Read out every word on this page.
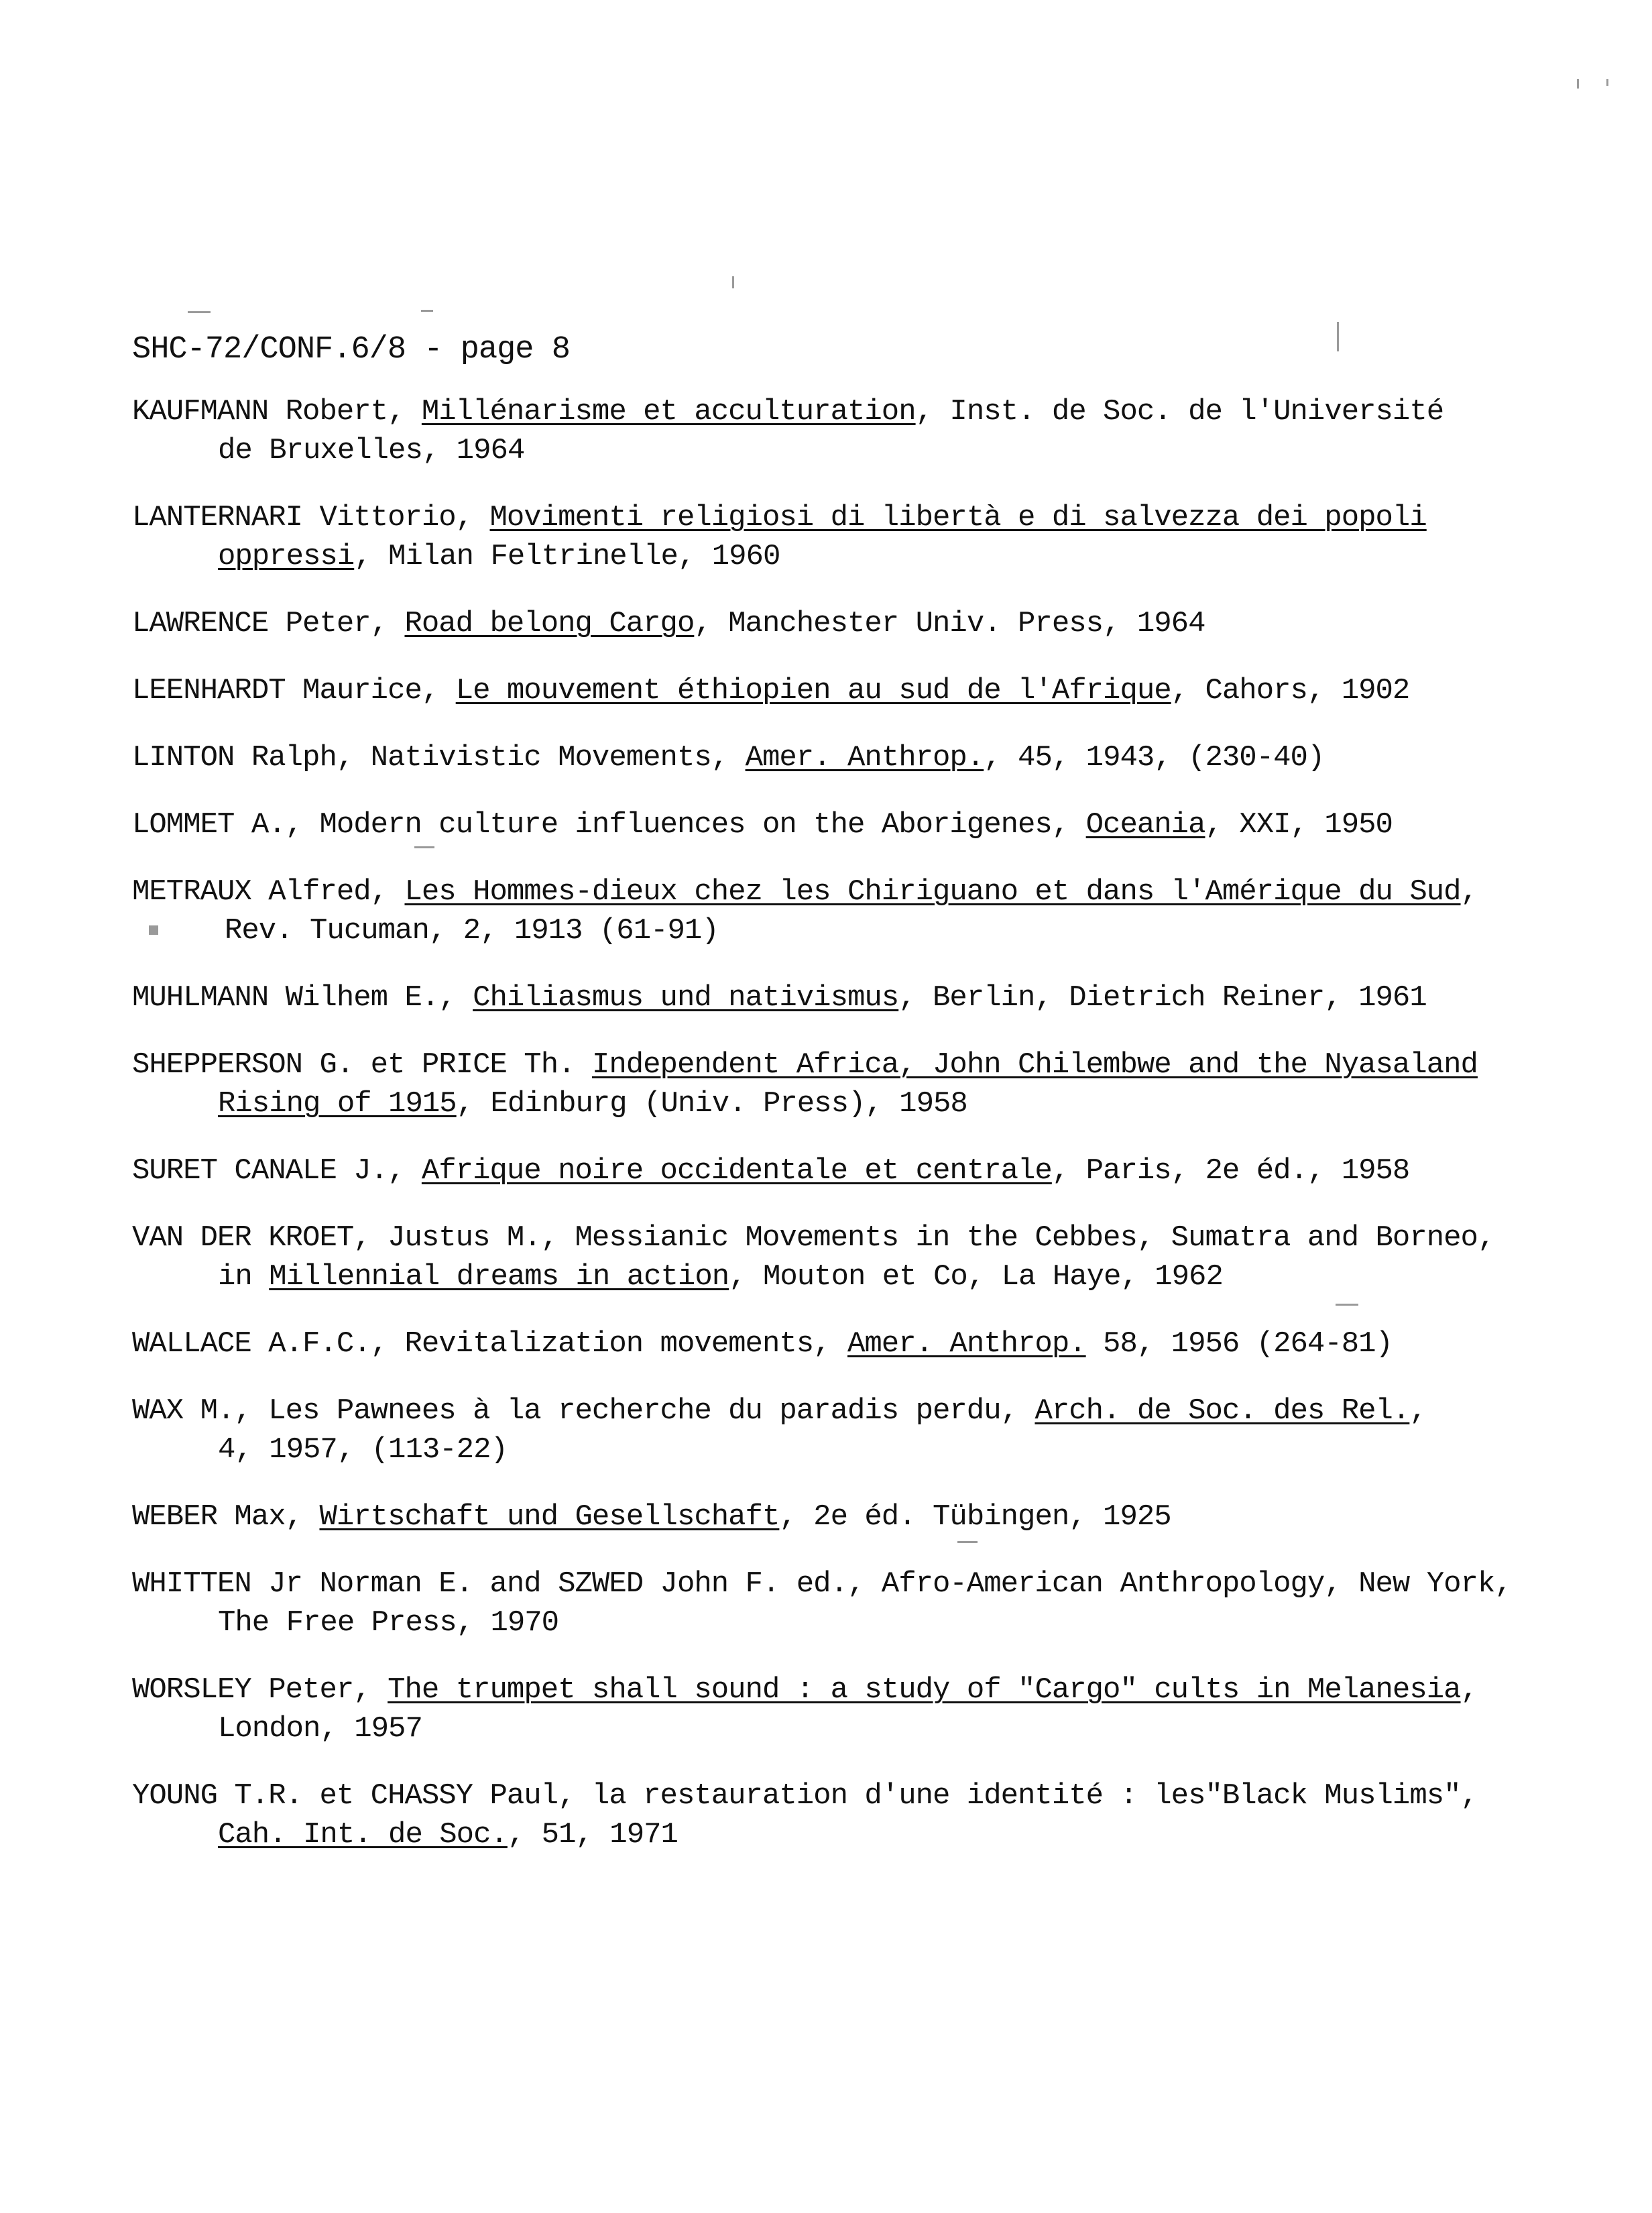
SHC-72/CONF.6/8 - page 8
KAUFMANN Robert, Millénarisme et acculturation, Inst. de Soc. de l'Université
de Bruxelles, 1964
LANTERNARI Vittorio, Movimenti religiosi di libertà e di salvezza dei popoli
oppressi, Milan Feltrinelle, 1960
LAWRENCE Peter, Road belong Cargo, Manchester Univ. Press, 1964
LEENHARDT Maurice, Le mouvement éthiopien au sud de l'Afrique, Cahors, 1902
LINTON Ralph, Nativistic Movements, Amer. Anthrop., 45, 1943, (230-40)
LOMMET A., Modern culture influences on the Aborigenes, Oceania, XXI, 1950
METRAUX Alfred, Les Hommes-dieux chez les Chiriguano et dans l'Amérique du Sud,
Rev. Tucuman, 2, 1913 (61-91)
MUHLMANN Wilhem E., Chiliasmus und nativismus, Berlin, Dietrich Reiner, 1961
SHEPPERSON G. et PRICE Th. Independent Africa, John Chilembwe and the Nyasaland
Rising of 1915, Edinburg (Univ. Press), 1958
SURET CANALE J., Afrique noire occidentale et centrale, Paris, 2e éd., 1958
VAN DER KROET, Justus M., Messianic Movements in the Cebbes, Sumatra and Borneo,
in Millennial dreams in action, Mouton et Co, La Haye, 1962
WALLACE A.F.C., Revitalization movements, Amer. Anthrop. 58, 1956 (264-81)
WAX M., Les Pawnees à la recherche du paradis perdu, Arch. de Soc. des Rel.,
4, 1957, (113-22)
WEBER Max, Wirtschaft und Gesellschaft, 2e éd. Tübingen, 1925
WHITTEN Jr Norman E. and SZWED John F. ed., Afro-American Anthropology, New York,
The Free Press, 1970
WORSLEY Peter, The trumpet shall sound : a study of "Cargo" cults in Melanesia,
London, 1957
YOUNG T.R. et CHASSY Paul, la restauration d'une identité : les"Black Muslims",
Cah. Int. de Soc., 51, 1971
